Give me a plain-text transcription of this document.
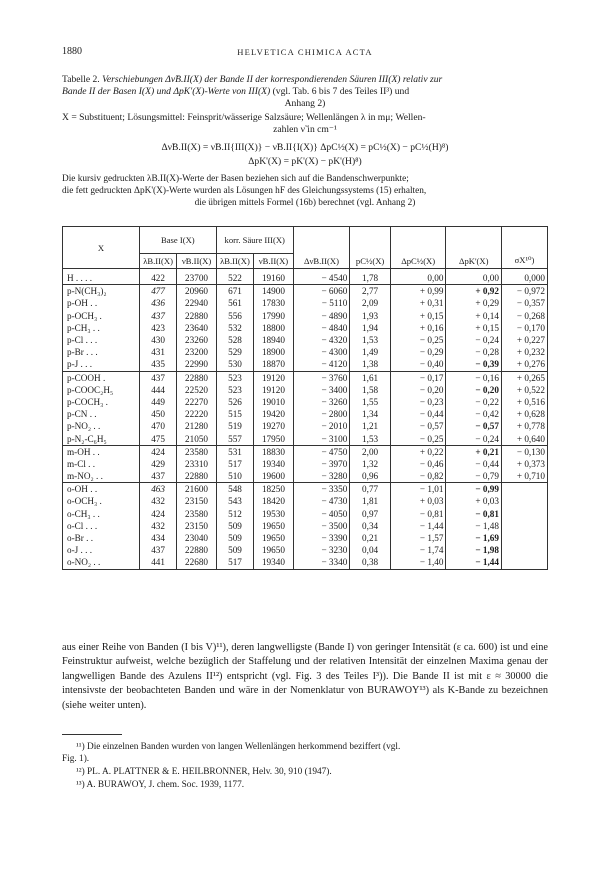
1880	HELVETICA CHIMICA ACTA
Tabelle 2. Verschiebungen Δν̃B.II(X) der Bande II der korrespondierenden Säuren III(X) relativ zur
Bande II der Basen I(X) und ΔpK'(X)-Werte von III(X) (vgl. Tab. 6 bis 7 des Teiles II³) und
Anhang 2)
X = Substituent; Lösungsmittel: Feinsprit/wässerige Salzsäure; Wellenlängen λ in mμ; Wellen-
zahlen ν̃ in cm⁻¹
Δν̃B.II(X) = ν̃B.II{III(X)} − ν̃B.II{I(X)} ΔpC½(X) = pC½(X) − pC½(H)⁸)
ΔpK'(X) = pK'(X) − pK'(H)⁸)
Die kursiv gedruckten λB.II(X)-Werte der Basen beziehen sich auf die Bandenschwerpunkte;
die fett gedruckten ΔpK'(X)-Werte wurden als Lösungen hF des Gleichungssystems (15) erhalten,
die übrigen mittels Formel (16b) berechnet (vgl. Anhang 2)
X	Base I(X)		korr. Säure III(X)						
	λB.II(X)	ν̃B.II(X)	λB.II(X)	ν̃B.II(X)	Δν̃B.II(X)	pC½(X)	ΔpC½(X)	ΔpK'(X)	σX¹⁰)
H . . . .	422	23700	522	19160	− 4540	1,78	0,00	0,00	0,000
p-N(CH₃)₂	477	20960	671	14900	− 6060	2,77	+ 0,99	+ 0,92	− 0,972
p-OH . .	436	22940	561	17830	− 5110	2,09	+ 0,31	+ 0,29	− 0,357
p-OCH₃ .	437	22880	556	17990	− 4890	1,93	+ 0,15	+ 0,14	− 0,268
p-CH₃ . .	423	23640	532	18800	− 4840	1,94	+ 0,16	+ 0,15	− 0,170
p-Cl . . .	430	23260	528	18940	− 4320	1,53	− 0,25	− 0,24	+ 0,227
p-Br . . .	431	23200	529	18900	− 4300	1,49	− 0,29	− 0,28	+ 0,232
p-J . . .	435	22990	530	18870	− 4120	1,38	− 0,40	− 0,39	+ 0,276
p-COOH .	437	22880	523	19120	− 3760	1,61	− 0,17	− 0,16	+ 0,265
p-COOC₂H₅	444	22520	523	19120	− 3400	1,58	− 0,20	− 0,20	+ 0,522
p-COCH₃ .	449	22270	526	19010	− 3260	1,55	− 0,23	− 0,22	+ 0,516
p-CN . .	450	22220	515	19420	− 2800	1,34	− 0,44	− 0,42	+ 0,628
p-NO₂ . .	470	21280	519	19270	− 2010	1,21	− 0,57	− 0,57	+ 0,778
p-N₂-C₆H₅	475	21050	557	17950	− 3100	1,53	− 0,25	− 0,24	+ 0,640
m-OH . .	424	23580	531	18830	− 4750	2,00	+ 0,22	+ 0,21	− 0,130
m-Cl . .	429	23310	517	19340	− 3970	1,32	− 0,46	− 0,44	+ 0,373
m-NO₂ . .	437	22880	510	19600	− 3280	0,96	− 0,82	− 0,79	+ 0,710
o-OH . .	463	21600	548	18250	− 3350	0,77	− 1,01	− 0,99	
o-OCH₃ .	432	23150	543	18420	− 4730	1,81	+ 0,03	+ 0,03	
o-CH₃ . .	424	23580	512	19530	− 4050	0,97	− 0,81	− 0,81	
o-Cl . . .	432	23150	509	19650	− 3500	0,34	− 1,44	− 1,48	
o-Br . .	434	23040	509	19650	− 3390	0,21	− 1,57	− 1,69	
o-J . . .	437	22880	509	19650	− 3230	0,04	− 1,74	− 1,98	
o-NO₂ . .	441	22680	517	19340	− 3340	0,38	− 1,40	− 1,44	
aus einer Reihe von Banden (I bis V)¹¹), deren langwelligste (Bande I) von geringer Intensität (ε ca. 600) ist und eine Feinstruktur aufweist, welche bezüglich der Staffelung und der relativen Intensität der einzelnen Maxima genau der langwelligen Bande des Azulens II¹²) entspricht (vgl. Fig. 3 des Teiles I³)). Die Bande II ist mit ε ≈ 30000 die intensivste der beobachteten Banden und wäre in der Nomenklatur von BURAWOY¹³) als K-Bande zu bezeichnen (siehe weiter unten).
¹¹) Die einzelnen Banden wurden von langen Wellenlängen herkommend beziffert (vgl.
Fig. 1).
¹²) PL. A. PLATTNER & E. HEILBRONNER, Helv. 30, 910 (1947).
¹³) A. BURAWOY, J. chem. Soc. 1939, 1177.
